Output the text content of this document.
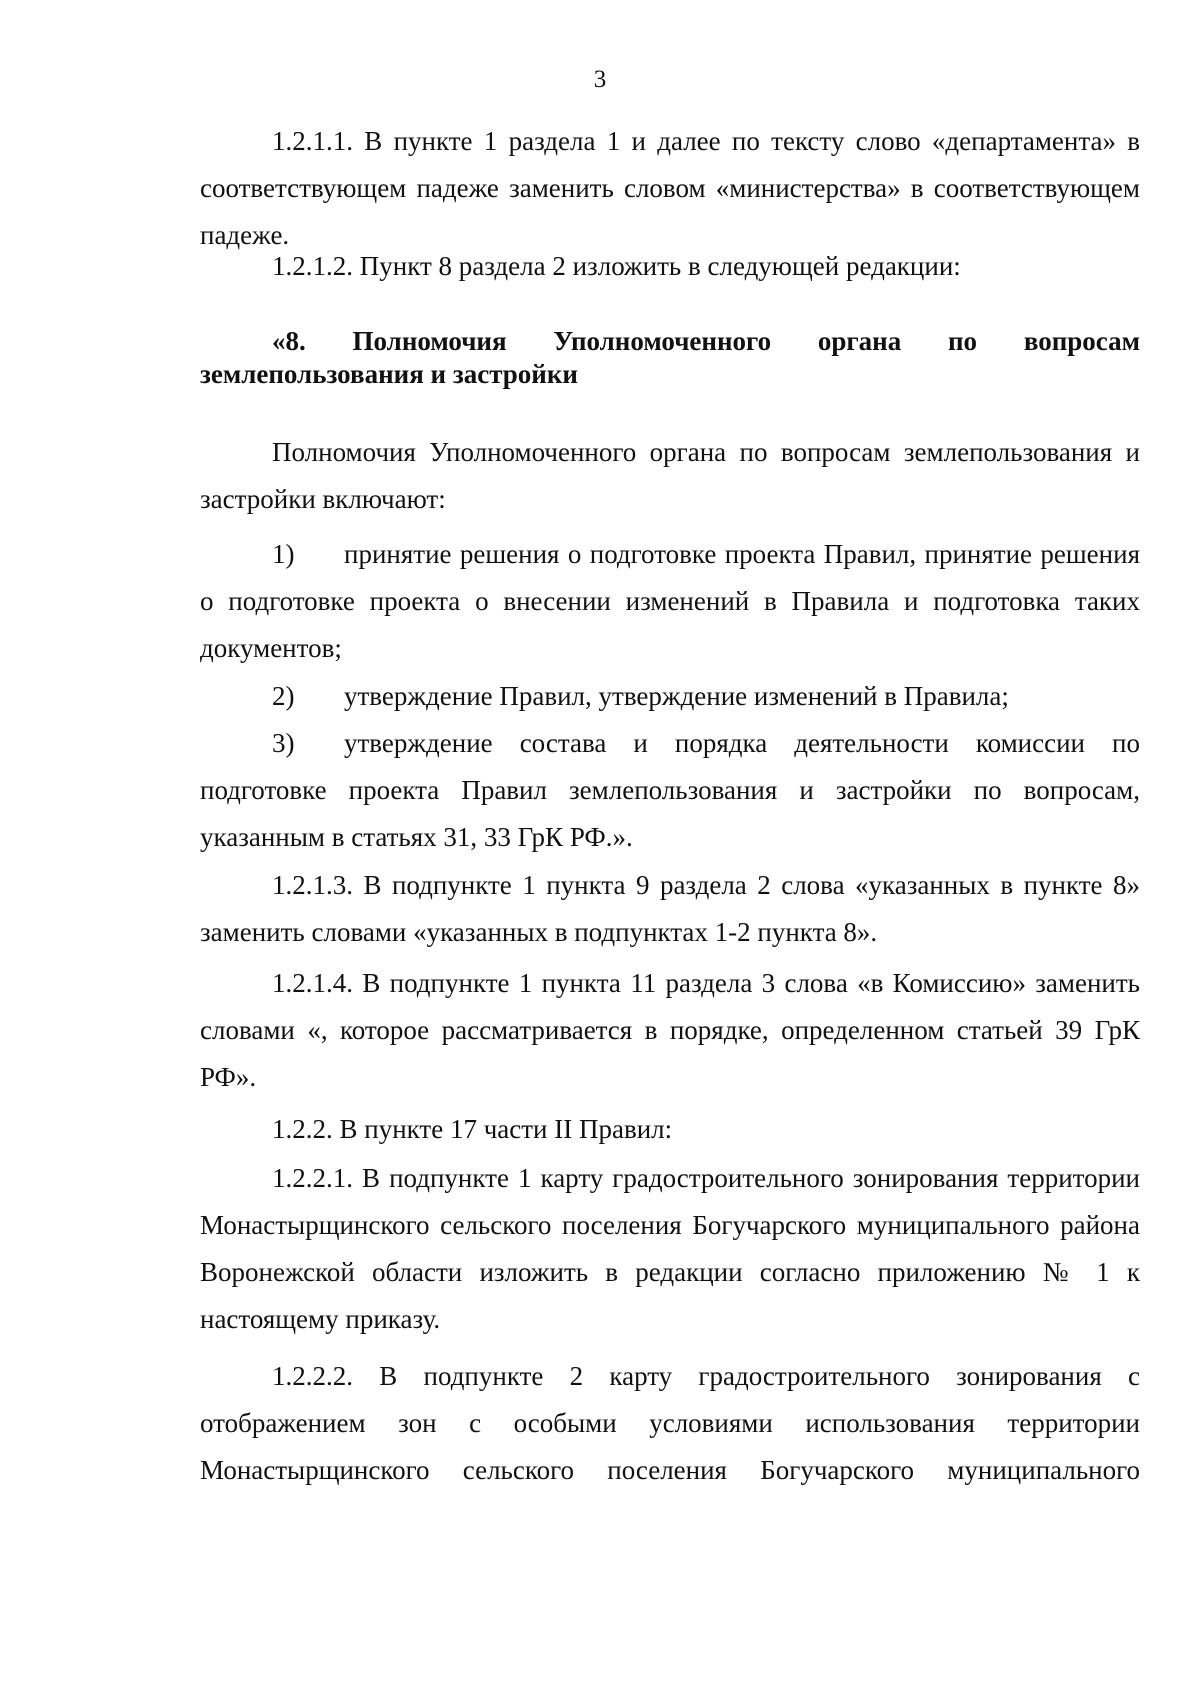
3
1.2.1.1. В пункте 1 раздела 1 и далее по тексту слово «департамента» в соответствующем падеже заменить словом «министерства» в соответствующем падеже.
1.2.1.2. Пункт 8 раздела 2 изложить в следующей редакции:
«8. Полномочия Уполномоченного органа по вопросам землепользования и застройки
Полномочия Уполномоченного органа по вопросам землепользования и застройки включают:
1) принятие решения о подготовке проекта Правил, принятие решения о подготовке проекта о внесении изменений в Правила и подготовка таких документов;
2) утверждение Правил, утверждение изменений в Правила;
3) утверждение состава и порядка деятельности комиссии по подготовке проекта Правил землепользования и застройки по вопросам, указанным в статьях 31, 33 ГрК РФ.».
1.2.1.3. В подпункте 1 пункта 9 раздела 2 слова «указанных в пункте 8» заменить словами «указанных в подпунктах 1-2 пункта 8».
1.2.1.4. В подпункте 1 пункта 11 раздела 3 слова «в Комиссию» заменить словами «, которое рассматривается в порядке, определенном статьей 39 ГрК РФ».
1.2.2. В пункте 17 части II Правил:
1.2.2.1. В подпункте 1 карту градостроительного зонирования территории Монастырщинского сельского поселения Богучарского муниципального района Воронежской области изложить в редакции согласно приложению № 1 к настоящему приказу.
1.2.2.2. В подпункте 2 карту градостроительного зонирования с отображением зон с особыми условиями использования территории Монастырщинского сельского поселения Богучарского муниципального
